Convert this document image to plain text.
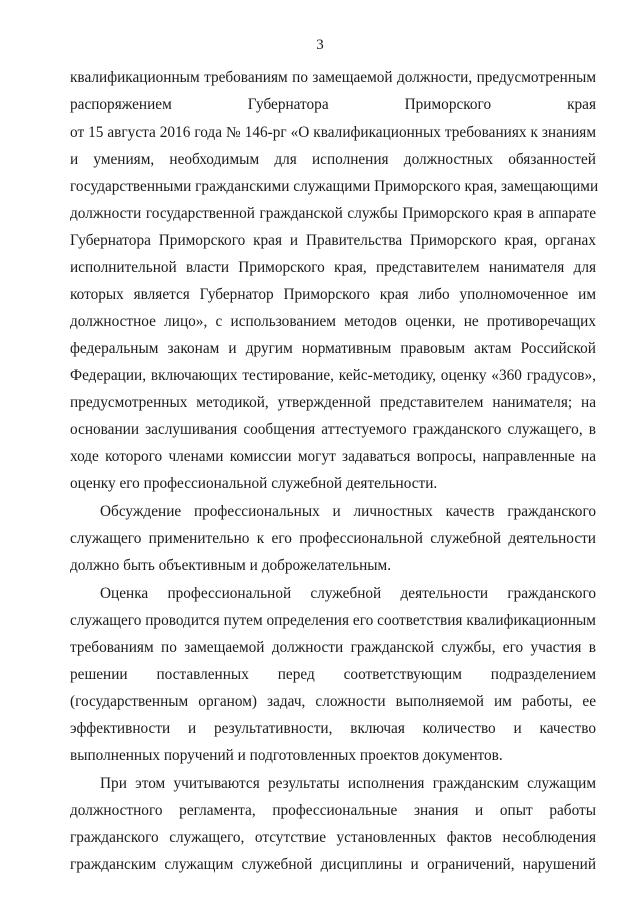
3
квалификационным требованиям по замещаемой должности, предусмотренным
распоряжением Губернатора Приморского края
от 15 августа 2016 года № 146-рг «О квалификационных требованиях к знаниям
и умениям, необходимым для исполнения должностных обязанностей
государственными гражданскими служащими Приморского края, замещающими
должности государственной гражданской службы Приморского края в аппарате
Губернатора Приморского края и Правительства Приморского края, органах
исполнительной власти Приморского края, представителем нанимателя для
которых является Губернатор Приморского края либо уполномоченное им
должностное лицо», с использованием методов оценки, не противоречащих
федеральным законам и другим нормативным правовым актам Российской
Федерации, включающих тестирование, кейс-методику, оценку «360 градусов»,
предусмотренных методикой, утвержденной представителем нанимателя; на
основании заслушивания сообщения аттестуемого гражданского служащего, в
ходе которого членами комиссии могут задаваться вопросы, направленные на
оценку его профессиональной служебной деятельности.
Обсуждение профессиональных и личностных качеств гражданского
служащего применительно к его профессиональной служебной деятельности
должно быть объективным и доброжелательным.
Оценка профессиональной служебной деятельности гражданского
служащего проводится путем определения его соответствия квалификационным
требованиям по замещаемой должности гражданской службы, его участия в
решении поставленных перед соответствующим подразделением
(государственным органом) задач, сложности выполняемой им работы, ее
эффективности и результативности, включая количество и качество
выполненных поручений и подготовленных проектов документов.
При этом учитываются результаты исполнения гражданским служащим
должностного регламента, профессиональные знания и опыт работы
гражданского служащего, отсутствие установленных фактов несоблюдения
гражданским служащим служебной дисциплины и ограничений, нарушений
